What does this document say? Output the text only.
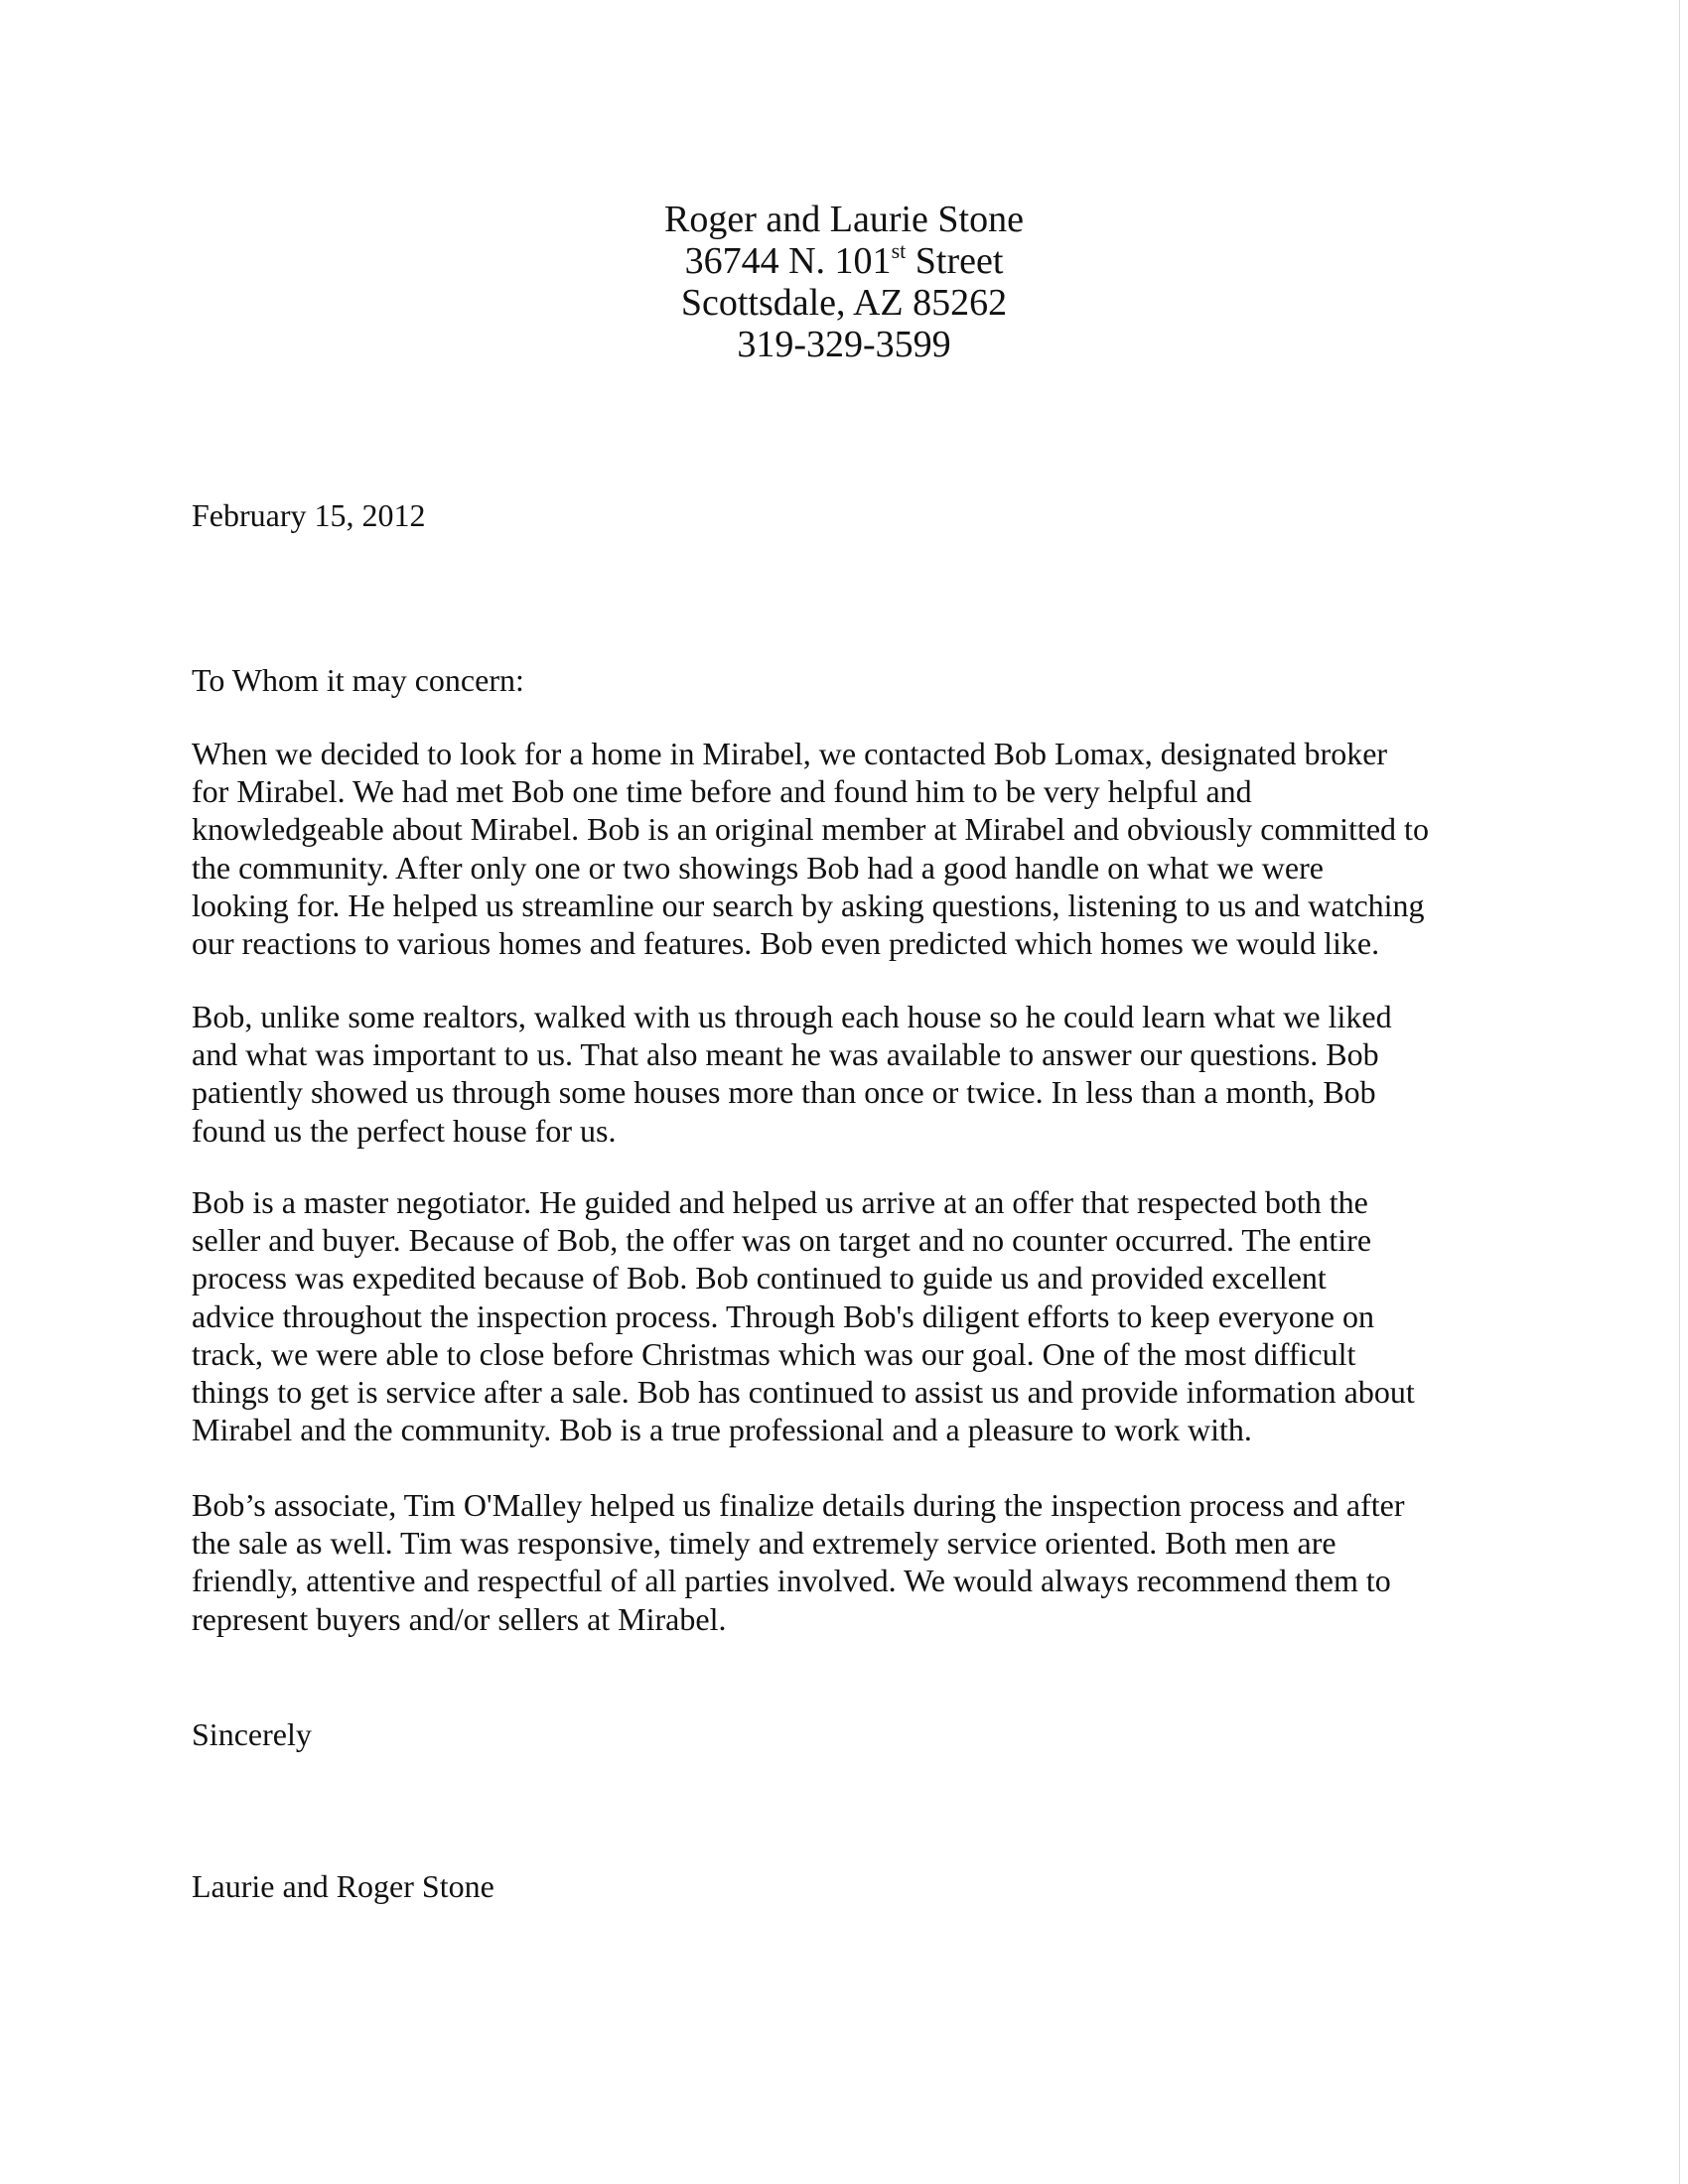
Roger and Laurie Stone
36744 N. 101st Street
Scottsdale, AZ 85262
319-329-3599
February 15, 2012
To Whom it may concern:
When we decided to look for a home in Mirabel, we contacted Bob Lomax, designated broker
for Mirabel. We had met Bob one time before and found him to be very helpful and
knowledgeable about Mirabel. Bob is an original member at Mirabel and obviously committed to
the community. After only one or two showings Bob had a good handle on what we were
looking for. He helped us streamline our search by asking questions, listening to us and watching
our reactions to various homes and features. Bob even predicted which homes we would like.
Bob, unlike some realtors, walked with us through each house so he could learn what we liked
and what was important to us. That also meant he was available to answer our questions. Bob
patiently showed us through some houses more than once or twice. In less than a month, Bob
found us the perfect house for us.
Bob is a master negotiator. He guided and helped us arrive at an offer that respected both the
seller and buyer. Because of Bob, the offer was on target and no counter occurred. The entire
process was expedited because of Bob. Bob continued to guide us and provided excellent
advice throughout the inspection process. Through Bob's diligent efforts to keep everyone on
track, we were able to close before Christmas which was our goal. One of the most difficult
things to get is service after a sale. Bob has continued to assist us and provide information about
Mirabel and the community. Bob is a true professional and a pleasure to work with.
Bob’s associate, Tim O'Malley helped us finalize details during the inspection process and after
the sale as well. Tim was responsive, timely and extremely service oriented. Both men are
friendly, attentive and respectful of all parties involved. We would always recommend them to
represent buyers and/or sellers at Mirabel.
Sincerely
Laurie and Roger Stone
